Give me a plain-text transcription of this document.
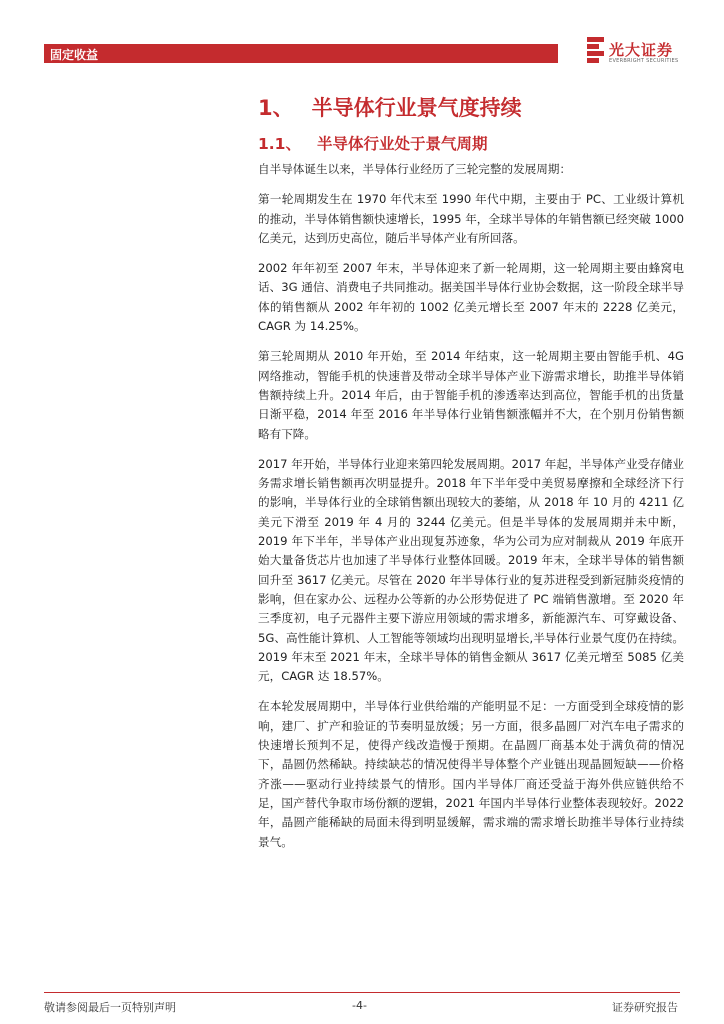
固定收益	光大证券
EVERBRIGHT SECURITIES
1、 半导体行业景气度持续
1.1、 半导体行业处于景气周期

自半导体诞生以来，半导体行业经历了三轮完整的发展周期：

第一轮周期发生在 1970 年代末至 1990 年代中期，主要由于 PC、工业级计算机的推动，半导体销售额快速增长，1995 年，全球半导体的年销售额已经突破 1000 亿美元，达到历史高位，随后半导体产业有所回落。

2002 年年初至 2007 年末，半导体迎来了新一轮周期，这一轮周期主要由蜂窝电话、3G 通信、消费电子共同推动。据美国半导体行业协会数据，这一阶段全球半导体的销售额从 2002 年年初的 1002 亿美元增长至 2007 年末的 2228 亿美元，CAGR 为 14.25%。

第三轮周期从 2010 年开始，至 2014 年结束，这一轮周期主要由智能手机、4G 网络推动，智能手机的快速普及带动全球半导体产业下游需求增长，助推半导体销售额持续上升。2014 年后，由于智能手机的渗透率达到高位，智能手机的出货量日渐平稳，2014 年至 2016 年半导体行业销售额涨幅并不大，在个别月份销售额略有下降。

2017 年开始，半导体行业迎来第四轮发展周期。2017 年起，半导体产业受存储业务需求增长销售额再次明显提升。2018 年下半年受中美贸易摩擦和全球经济下行的影响，半导体行业的全球销售额出现较大的萎缩，从 2018 年 10 月的 4211 亿美元下滑至 2019 年 4 月的 3244 亿美元。但是半导体的发展周期并未中断，2019 年下半年，半导体产业出现复苏迹象，华为公司为应对制裁从 2019 年底开始大量备货芯片也加速了半导体行业整体回暖。2019 年末，全球半导体的销售额回升至 3617 亿美元。尽管在 2020 年半导体行业的复苏进程受到新冠肺炎疫情的影响，但在家办公、远程办公等新的办公形势促进了 PC 端销售激增。至 2020 年三季度初，电子元器件主要下游应用领域的需求增多，新能源汽车、可穿戴设备、5G、高性能计算机、人工智能等领域均出现明显增长,半导体行业景气度仍在持续。2019 年末至 2021 年末，全球半导体的销售金额从 3617 亿美元增至 5085 亿美元，CAGR 达 18.57%。

在本轮发展周期中，半导体行业供给端的产能明显不足：一方面受到全球疫情的影响，建厂、扩产和验证的节奏明显放缓；另一方面，很多晶圆厂对汽车电子需求的快速增长预判不足，使得产线改造慢于预期。在晶圆厂商基本处于满负荷的情况下，晶圆仍然稀缺。持续缺芯的情况使得半导体整个产业链出现晶圆短缺——价格齐涨——驱动行业持续景气的情形。国内半导体厂商还受益于海外供应链供给不足，国产替代争取市场份额的逻辑，2021 年国内半导体行业整体表现较好。2022 年，晶圆产能稀缺的局面未得到明显缓解，需求端的需求增长助推半导体行业持续景气。

敬请参阅最后一页特别声明	-4-	证券研究报告
